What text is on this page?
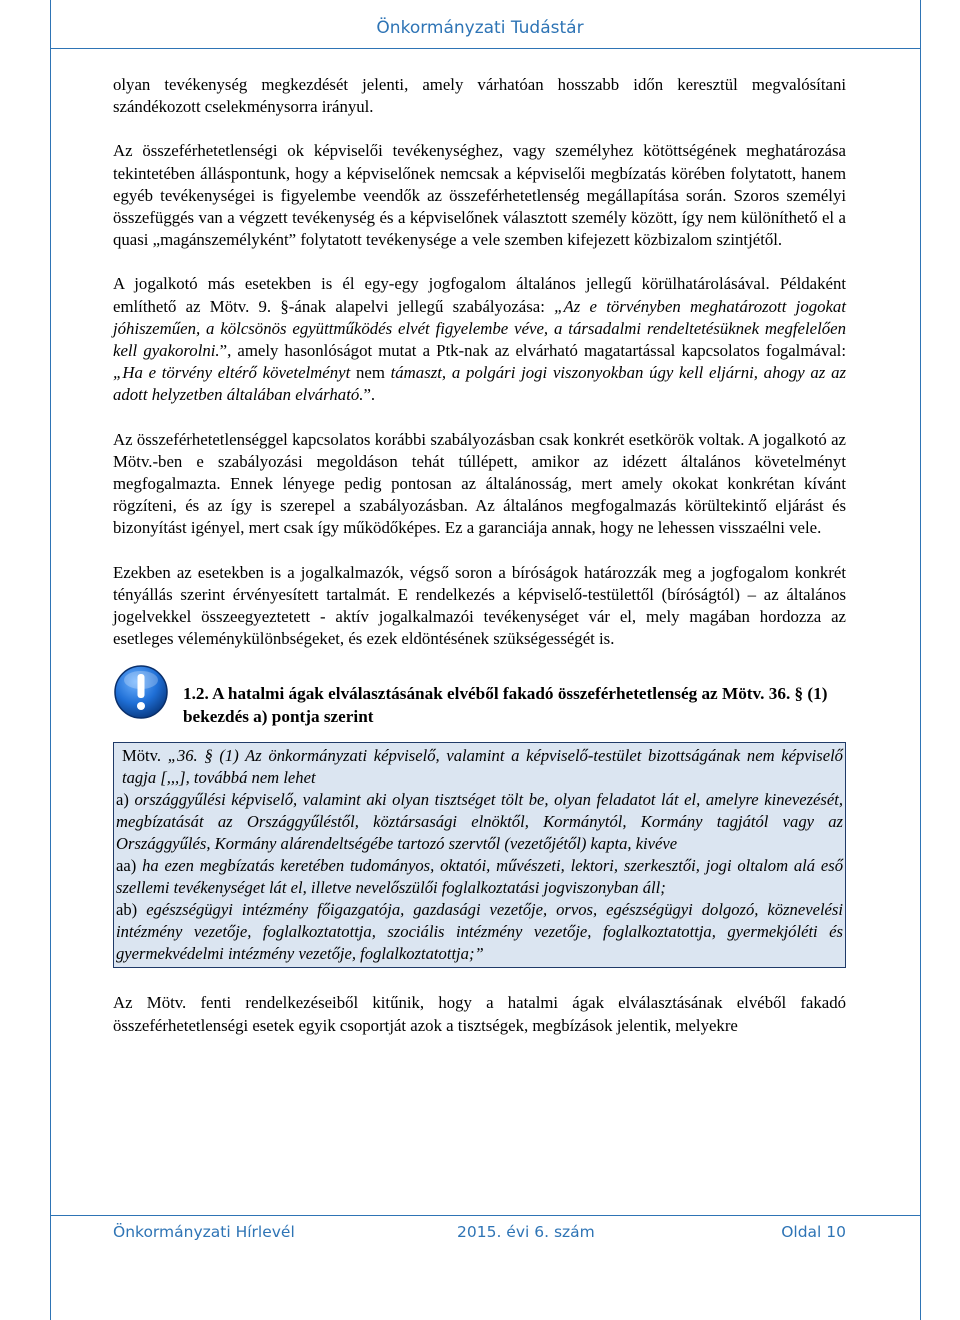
Önkormányzati Tudástár

olyan tevékenység megkezdését jelenti, amely várhatóan hosszabb időn keresztül megvalósítani szándékozott cselekménysorra irányul.

Az összeférhetetlenségi ok képviselői tevékenységhez, vagy személyhez kötöttségének meghatározása tekintetében álláspontunk, hogy a képviselőnek nemcsak a képviselői megbízatás körében folytatott, hanem egyéb tevékenységei is figyelembe veendők az összeférhetetlenség megállapítása során. Szoros személyi összefüggés van a végzett tevékenység és a képviselőnek választott személy között, így nem különíthető el a quasi „magánszemélyként” folytatott tevékenysége a vele szemben kifejezett közbizalom szintjétől.

A jogalkotó más esetekben is él egy-egy jogfogalom általános jellegű körülhatárolásával. Példaként említhető az Mötv. 9. §-ának alapelvi jellegű szabályozása: „Az e törvényben meghatározott jogokat jóhiszeműen, a kölcsönös együttműködés elvét figyelembe véve, a társadalmi rendeltetésüknek megfelelően kell gyakorolni.”, amely hasonlóságot mutat a Ptk-nak az elvárható magatartással kapcsolatos fogalmával: „Ha e törvény eltérő követelményt nem támaszt, a polgári jogi viszonyokban úgy kell eljárni, ahogy az az adott helyzetben általában elvárható.”.

Az összeférhetetlenséggel kapcsolatos korábbi szabályozásban csak konkrét esetkörök voltak. A jogalkotó az Mötv.-ben e szabályozási megoldáson tehát túllépett, amikor az idézett általános követelményt megfogalmazta. Ennek lényege pedig pontosan az általánosság, mert amely okokat konkrétan kívánt rögzíteni, és az így is szerepel a szabályozásban. Az általános megfogalmazás körültekintő eljárást és bizonyítást igényel, mert csak így működőképes. Ez a garanciája annak, hogy ne lehessen visszaélni vele.

Ezekben az esetekben is a jogalkalmazók, végső soron a bíróságok határozzák meg a jogfogalom konkrét tényállás szerint érvényesített tartalmát. E rendelkezés a képviselő-testülettől (bíróságtól) – az általános jogelvekkel összeegyeztetett - aktív jogalkalmazói tevékenységet vár el, mely magában hordozza az esetleges véleménykülönbségeket, és ezek eldöntésének szükségességét is.

1.2. A hatalmi ágak elválasztásának elvéből fakadó összeférhetetlenség az Mötv. 36. § (1) bekezdés a) pontja szerint

Mötv. „36. § (1) Az önkormányzati képviselő, valamint a képviselő-testület bizottságának nem képviselő tagja [,,,], továbbá nem lehet

a) országgyűlési képviselő, valamint aki olyan tisztséget tölt be, olyan feladatot lát el, amelyre kinevezését, megbízatását az Országgyűléstől, köztársasági elnöktől, Kormánytól, Kormány tagjától vagy az Országgyűlés, Kormány alárendeltségébe tartozó szervtől (vezetőjétől) kapta, kivéve

aa) ha ezen megbízatás keretében tudományos, oktatói, művészeti, lektori, szerkesztői, jogi oltalom alá eső szellemi tevékenységet lát el, illetve nevelőszülői foglalkoztatási jogviszonyban áll;

ab) egészségügyi intézmény főigazgatója, gazdasági vezetője, orvos, egészségügyi dolgozó, köznevelési intézmény vezetője, foglalkoztatottja, szociális intézmény vezetője, foglalkoztatottja, gyermekjóléti és gyermekvédelmi intézmény vezetője, foglalkoztatottja;”

Az Mötv. fenti rendelkezéseiből kitűnik, hogy a hatalmi ágak elválasztásának elvéből fakadó összeférhetetlenségi esetek egyik csoportját azok a tisztségek, megbízások jelentik, melyekre

Önkormányzati Hírlevél	2015. évi 6. szám	Oldal 10
